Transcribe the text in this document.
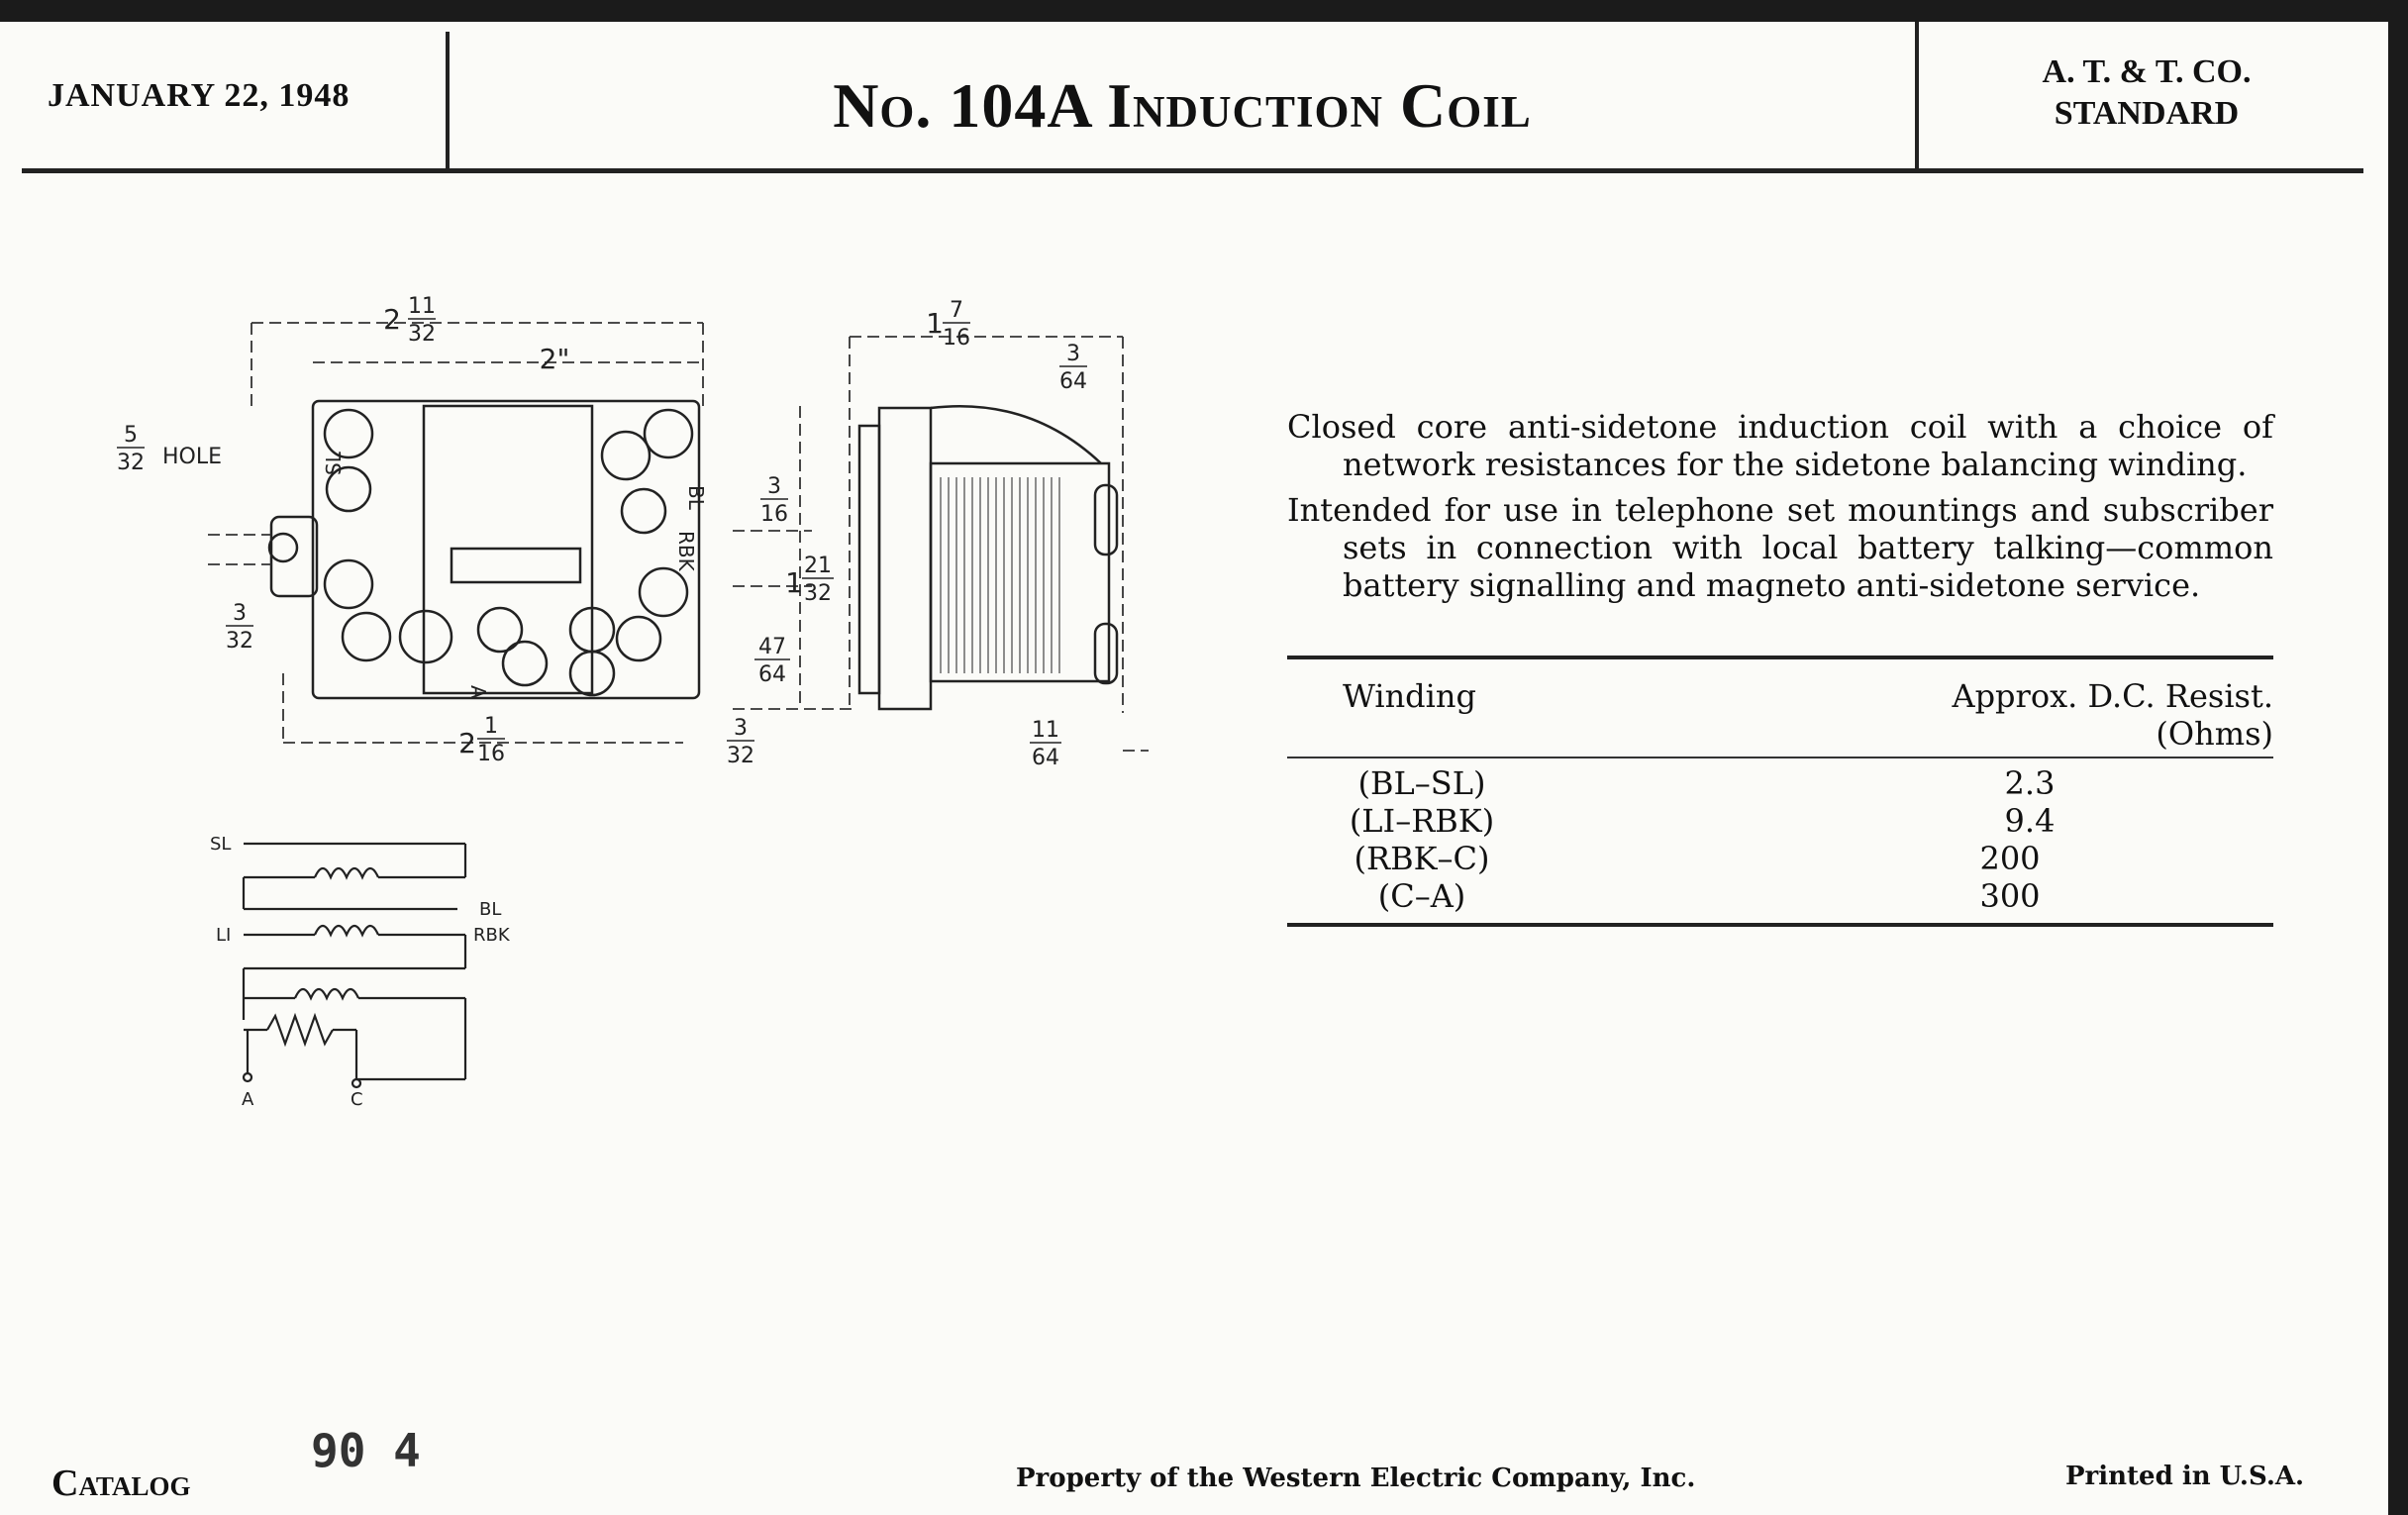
JANUARY 22, 1948	No. 104A Induction Coil	A. T. & T. CO.
STANDARD
2 11
32
2"
2
1
16
5
32 HOLE
3
32
3
32
3
16
1
21
32
47
64
1 7
16
3
64
11
64
SL
BL
RBK
A
SL
BL
LI	RBK
A	C

Closed core anti-sidetone induction coil with a choice of network resistances for the sidetone balancing winding.

Intended for use in telephone set mountings and subscriber sets in connection with local battery talking—common battery signalling and magneto anti-sidetone service.

Winding	Approx. D.C. Resist. (Ohms)
(BL–SL)	2.3
(LI–RBK)	9.4
(RBK–C)	200
(C–A)	300
Catalog
90 4
Property of the Western Electric Company, Inc.	Printed in U.S.A.
